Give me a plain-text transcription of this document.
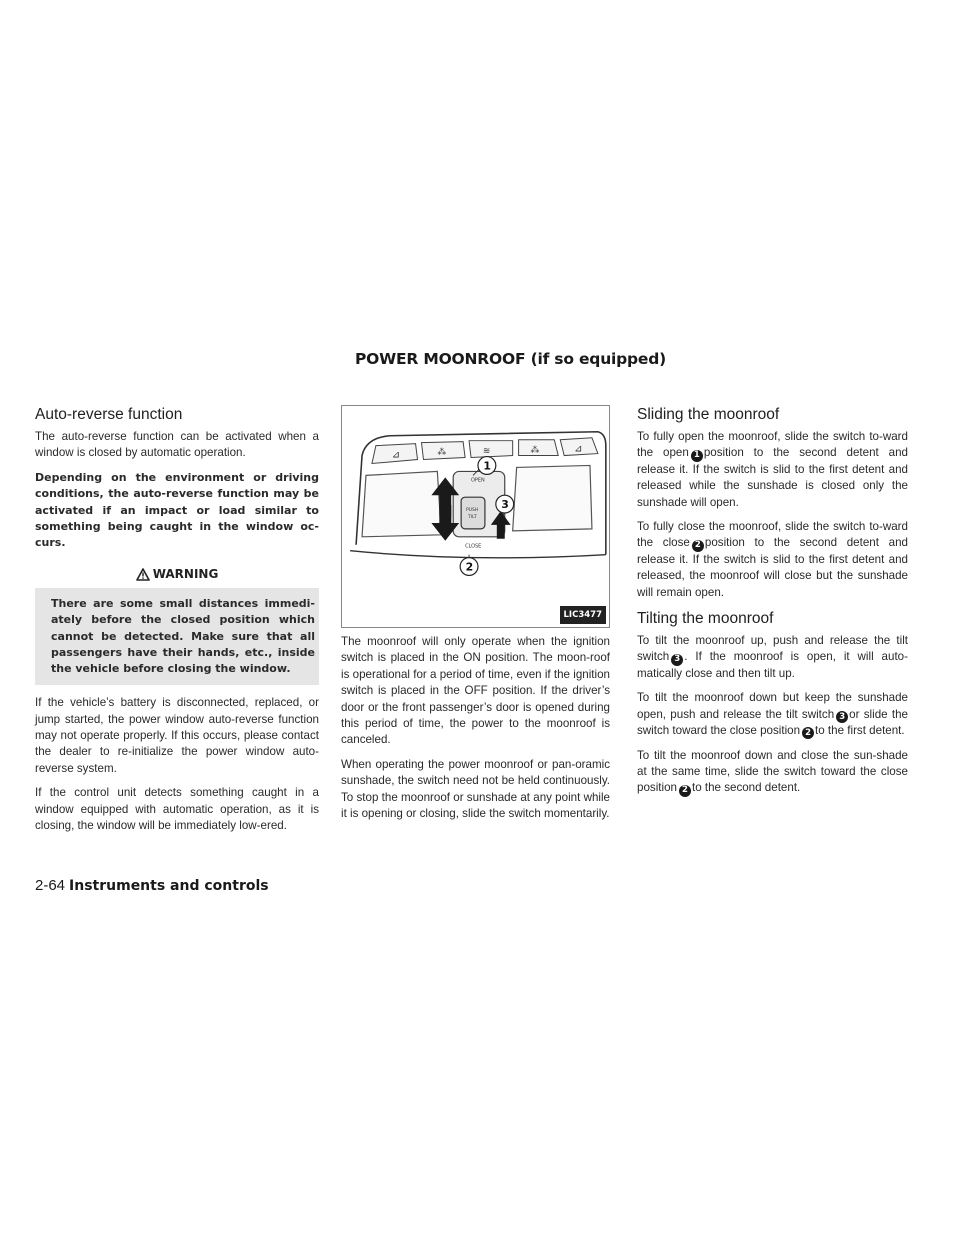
POWER MOONROOF (if so equipped)
Auto-reverse function

The auto-reverse function can be activated when a window is closed by automatic operation.

Depending on the environment or driving conditions, the auto-reverse function may be activated if an impact or load similar to something being caught in the window oc-curs.

WARNING
There are some small distances immedi-ately before the closed position which cannot be detected. Make sure that all passengers have their hands, etc., inside the vehicle before closing the window.

If the vehicle’s battery is disconnected, replaced, or jump started, the power window auto-reverse function may not operate properly. If this occurs, please contact the dealer to re-initialize the power window auto-reverse system.

If the control unit detects something caught in a window equipped with automatic operation, as it is closing, the window will be immediately low-ered.

⊿	⁂	≋	⁂	⊿
OPEN
CLOSE
PUSH
TILT
1
3
2
LIC3477

The moonroof will only operate when the ignition switch is placed in the ON position. The moon-roof is operational for a period of time, even if the ignition switch is placed in the OFF position. If the driver’s door or the front passenger’s door is opened during this period of time, the power to the moonroof is canceled.

When operating the power moonroof or pan-oramic sunshade, the switch need not be held continuously. To stop the moonroof or sunshade at any point while it is opening or closing, slide the switch momentarily.

Sliding the moonroof

To fully open the moonroof, slide the switch to-ward the open 1 position to the second detent and release it. If the switch is slid to the first detent and released while the sunshade is closed only the sunshade will open.

To fully close the moonroof, slide the switch to-ward the close 2 position to the second detent and release it. If the switch is slid to the first detent and released, the moonroof will close but the sunshade will remain open.

Tilting the moonroof

To tilt the moonroof up, push and release the tilt switch 3 . If the moonroof is open, it will auto-matically close and then tilt up.

To tilt the moonroof down but keep the sunshade open, push and release the tilt switch 3 or slide the switch toward the close position 2 to the first detent.

To tilt the moonroof down and close the sun-shade at the same time, slide the switch toward the close position 2 to the second detent.

2-64 Instruments and controls
